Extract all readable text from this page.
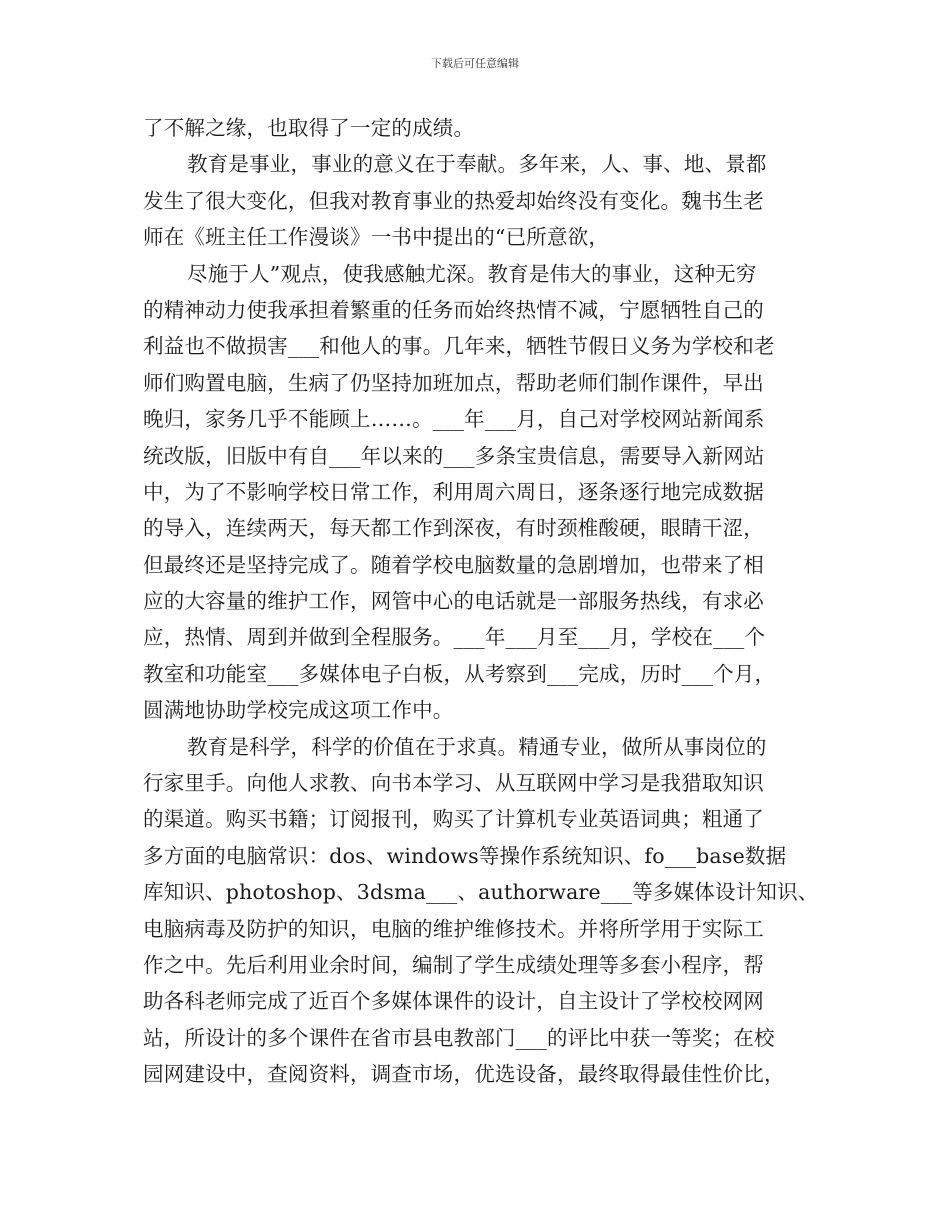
下载后可任意编辑
了不解之缘，也取得了一定的成绩。
教育是事业，事业的意义在于奉献。多年来，人、事、地、景都
发生了很大变化，但我对教育事业的热爱却始终没有变化。魏书生老
师在《班主任工作漫谈》一书中提出的“已所意欲，
尽施于人”观点，使我感触尤深。教育是伟大的事业，这种无穷
的精神动力使我承担着繁重的任务而始终热情不减，宁愿牺牲自己的
利益也不做损害___和他人的事。几年来，牺牲节假日义务为学校和老
师们购置电脑，生病了仍坚持加班加点，帮助老师们制作课件，早出
晚归，家务几乎不能顾上……。___年___月，自己对学校网站新闻系
统改版，旧版中有自___年以来的___多条宝贵信息，需要导入新网站
中，为了不影响学校日常工作，利用周六周日，逐条逐行地完成数据
的导入，连续两天，每天都工作到深夜，有时颈椎酸硬，眼睛干涩，
但最终还是坚持完成了。随着学校电脑数量的急剧增加，也带来了相
应的大容量的维护工作，网管中心的电话就是一部服务热线，有求必
应，热情、周到并做到全程服务。___年___月至___月，学校在___个
教室和功能室___多媒体电子白板，从考察到___完成，历时___个月，
圆满地协助学校完成这项工作中。
教育是科学，科学的价值在于求真。精通专业，做所从事岗位的
行家里手。向他人求教、向书本学习、从互联网中学习是我猎取知识
的渠道。购买书籍；订阅报刊，购买了计算机专业英语词典；粗通了
多方面的电脑常识：dos、windows等操作系统知识、fo___base数据
库知识、photoshop、3dsma___、authorware___等多媒体设计知识、
电脑病毒及防护的知识，电脑的维护维修技术。并将所学用于实际工
作之中。先后利用业余时间，编制了学生成绩处理等多套小程序，帮
助各科老师完成了近百个多媒体课件的设计，自主设计了学校校网网
站，所设计的多个课件在省市县电教部门___的评比中获一等奖；在校
园网建设中，查阅资料，调查市场，优选设备，最终取得最佳性价比，
